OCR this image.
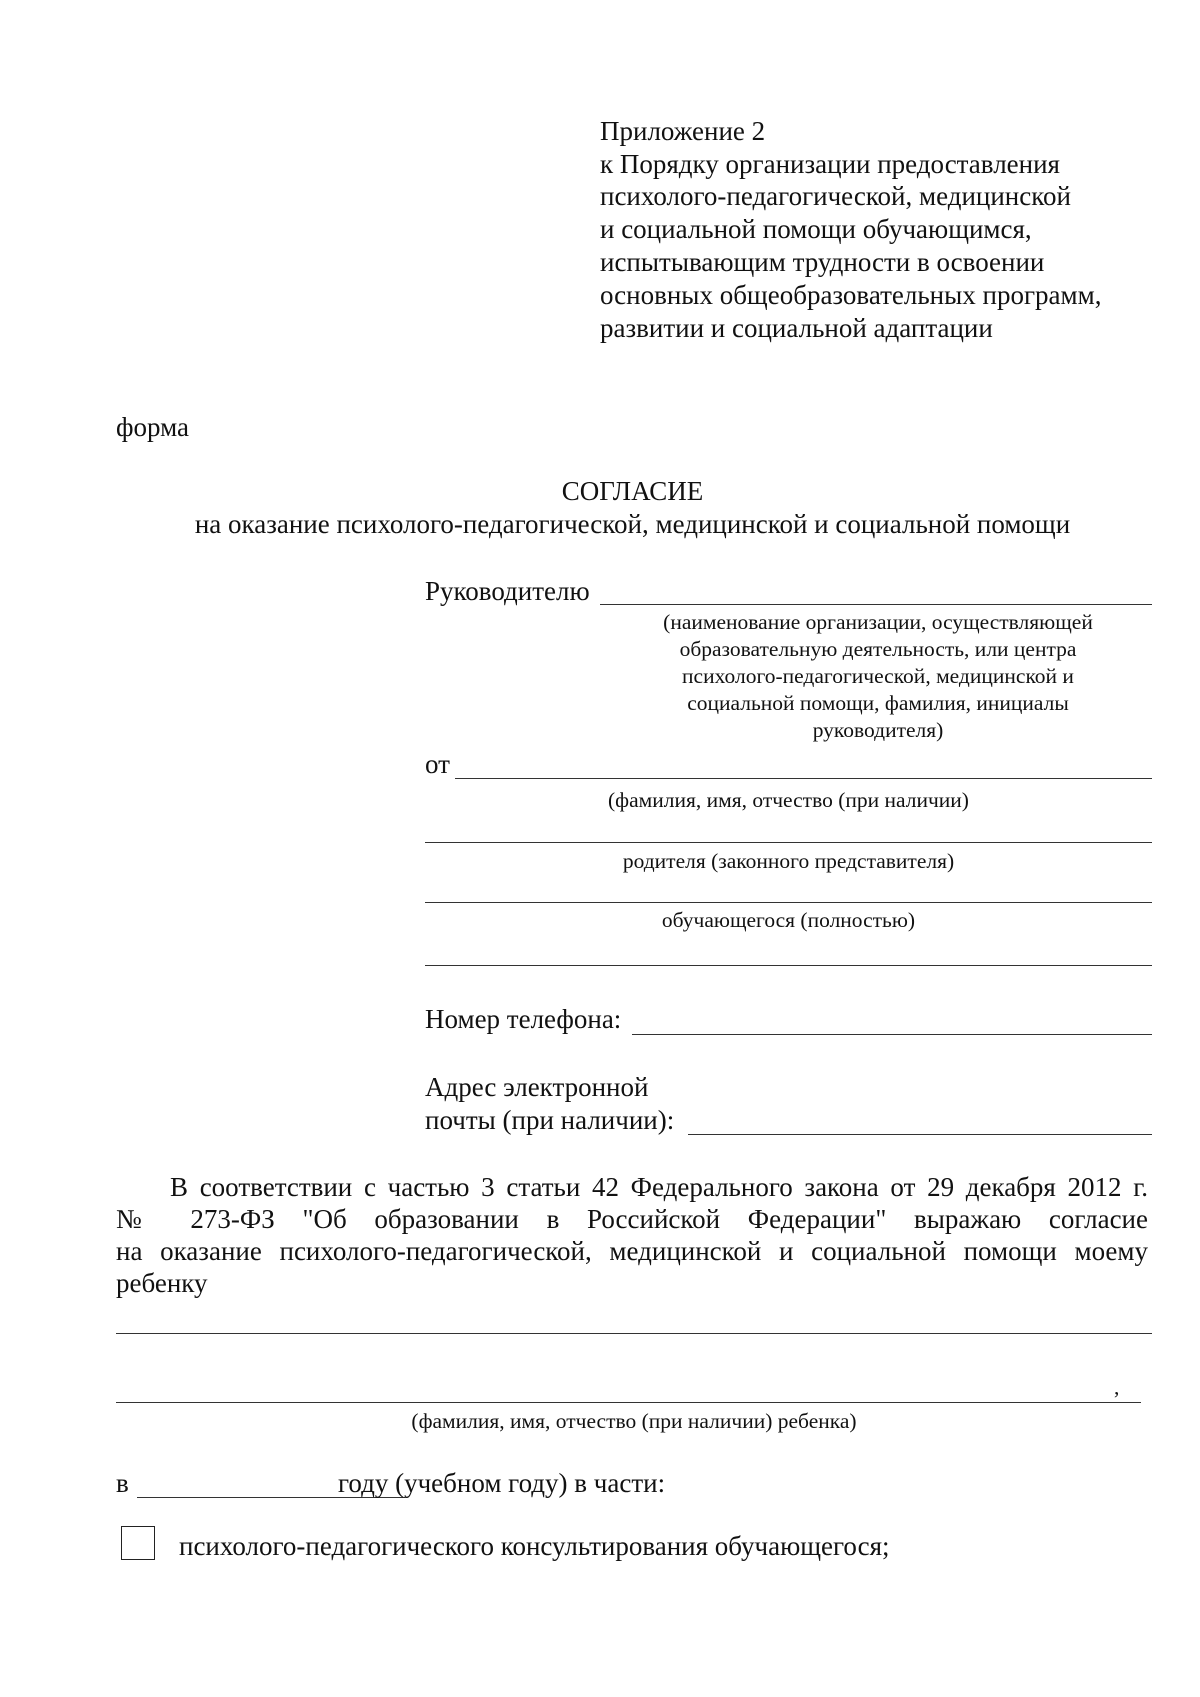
Приложение 2
к Порядку организации предоставления
психолого-педагогической, медицинской
и социальной помощи обучающимся,
испытывающим трудности в освоении
основных общеобразовательных программ,
развитии и социальной адаптации
форма
СОГЛАСИЕ
на оказание психолого-педагогической, медицинской и социальной помощи
Руководителю
(наименование организации, осуществляющей
образовательную деятельность, или центра
психолого-педагогической, медицинской и
социальной помощи, фамилия, инициалы
руководителя)
от
(фамилия, имя, отчество (при наличии)
родителя (законного представителя)
обучающегося (полностью)
Номер телефона:
Адрес электронной
почты (при наличии):
В соответствии с частью 3 статьи 42 Федерального закона от 29 декабря 2012 г.
№ 273-ФЗ "Об образовании в Российской Федерации" выражаю согласие
на оказание психолого-педагогической, медицинской и социальной помощи моему
ребенку
,
(фамилия, имя, отчество (при наличии) ребенка)
в	году (учебном году) в части:
психолого-педагогического консультирования обучающегося;
